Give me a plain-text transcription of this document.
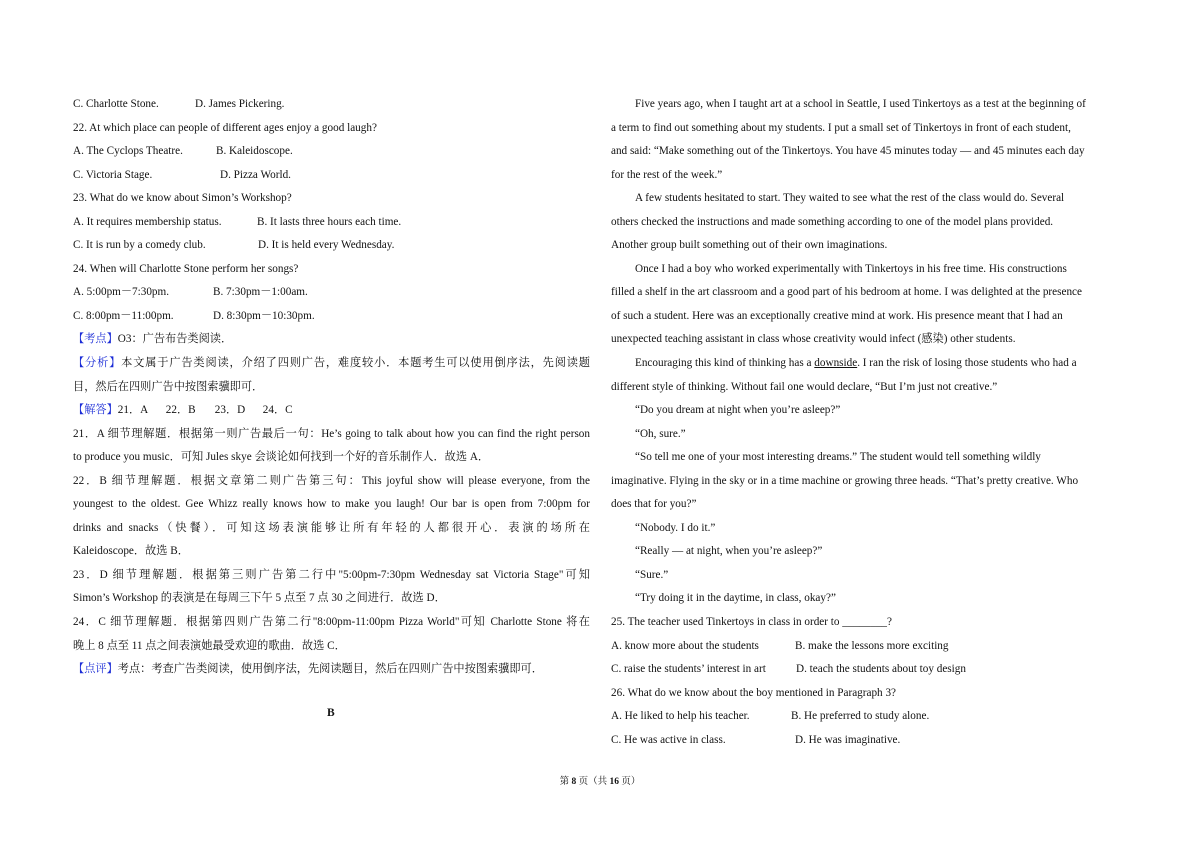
C. Charlotte Stone.	D. James Pickering.
22. At which place can people of different ages enjoy a good laugh?
A. The Cyclops Theatre.	B. Kaleidoscope.
C. Victoria Stage.	D. Pizza World.
23. What do we know about Simon’s Workshop?
A. It requires membership status.	B. It lasts three hours each time.
C. It is run by a comedy club.	D. It is held every Wednesday.
24. When will Charlotte Stone perform her songs?
A. 5:00pm－7:30pm.	B. 7:30pm－1:00am.
C. 8:00pm－11:00pm.	D. 8:30pm－10:30pm.
【考点】O3：广告布告类阅读．
【分析】本文属于广告类阅读，介绍了四则广告，难度较小．本题考生可以使用倒序法，先阅读题
目，然后在四则广告中按图索骥即可．
【解答】21．A 22．B 23．D 24．C
21．A 细节理解题．根据第一则广告最后一句：He’s going to talk about how you can find the right person
to produce you music．可知 Jules skye 会谈论如何找到一个好的音乐制作人．故选 A．
22．B 细节理解题．根据文章第二则广告第三句：This joyful show will please everyone, from the
youngest to the oldest. Gee Whizz really knows how to make you laugh! Our bar is open from 7:00pm for
drinks and snacks（快餐）．可知这场表演能够让所有年轻的人都很开心．表演的场所在
Kaleidoscope．故选 B．
23．D 细节理解题．根据第三则广告第二行中"5:00pm-7:30pm Wednesday sat Victoria Stage"可知
Simon’s Workshop 的表演是在每周三下午 5 点至 7 点 30 之间进行．故选 D．
24．C 细节理解题．根据第四则广告第二行"8:00pm-11:00pm Pizza World"可知 Charlotte Stone 将在
晚上 8 点至 11 点之间表演她最受欢迎的歌曲．故选 C．
【点评】考点：考查广告类阅读，使用倒序法，先阅读题目，然后在四则广告中按图索骥即可．
B
Five years ago, when I taught art at a school in Seattle, I used Tinkertoys as a test at the beginning of
a term to find out something about my students. I put a small set of Tinkertoys in front of each student,
and said: “Make something out of the Tinkertoys. You have 45 minutes today — and 45 minutes each day
for the rest of the week.”
A few students hesitated to start. They waited to see what the rest of the class would do. Several
others checked the instructions and made something according to one of the model plans provided.
Another group built something out of their own imaginations.
Once I had a boy who worked experimentally with Tinkertoys in his free time. His constructions
filled a shelf in the art classroom and a good part of his bedroom at home. I was delighted at the presence
of such a student. Here was an exceptionally creative mind at work. His presence meant that I had an
unexpected teaching assistant in class whose creativity would infect (感染) other students.
Encouraging this kind of thinking has a downside. I ran the risk of losing those students who had a
different style of thinking. Without fail one would declare, “But I’m just not creative.”
“Do you dream at night when you’re asleep?”
“Oh, sure.”
“So tell me one of your most interesting dreams.” The student would tell something wildly
imaginative. Flying in the sky or in a time machine or growing three heads. “That’s pretty creative. Who
does that for you?”
“Nobody. I do it.”
“Really — at night, when you’re asleep?”
“Sure.”
“Try doing it in the daytime, in class, okay?”
25. The teacher used Tinkertoys in class in order to ________?
A. know more about the students	B. make the lessons more exciting
C. raise the students’ interest in art	D. teach the students about toy design
26. What do we know about the boy mentioned in Paragraph 3?
A. He liked to help his teacher.	B. He preferred to study alone.
C. He was active in class.	D. He was imaginative.
第 8 页（共 16 页）
